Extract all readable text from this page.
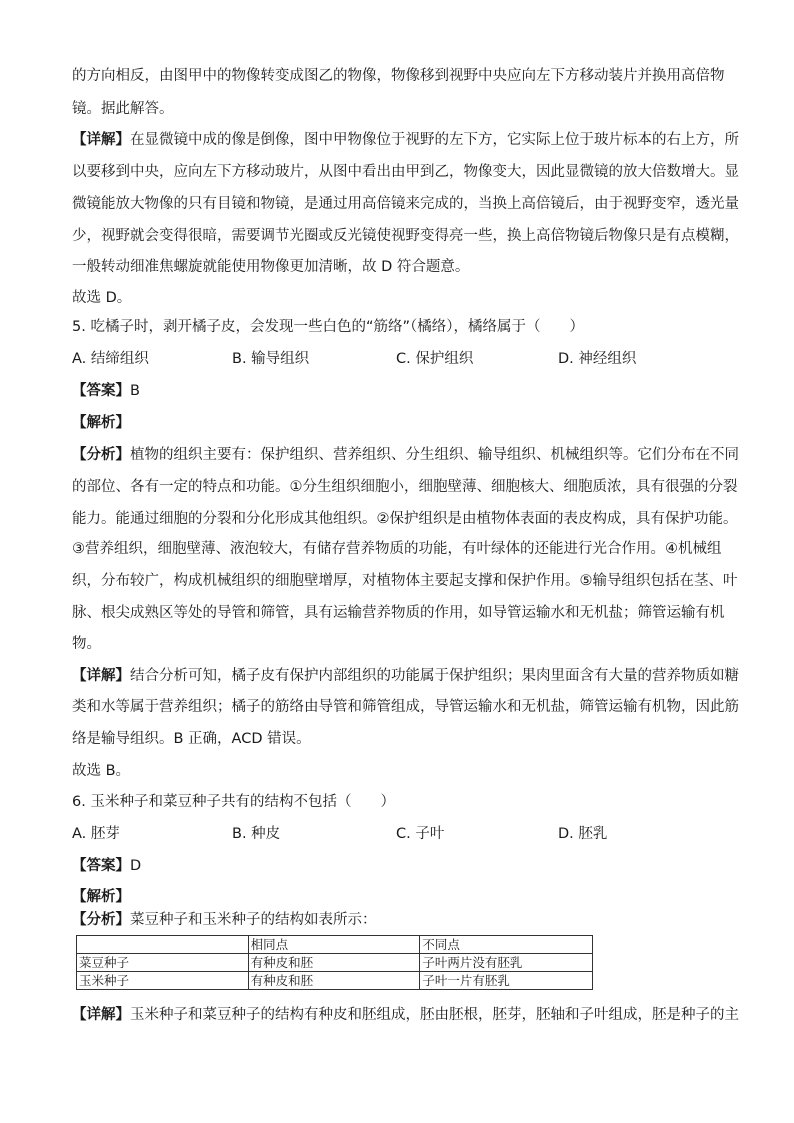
的方向相反，由图甲中的物像转变成图乙的物像，物像移到视野中央应向左下方移动装片并换用高倍物
镜。据此解答。
【详解】在显微镜中成的像是倒像，图中甲物像位于视野的左下方，它实际上位于玻片标本的右上方，所
以要移到中央，应向左下方移动玻片，从图中看出由甲到乙，物像变大，因此显微镜的放大倍数增大。显
微镜能放大物像的只有目镜和物镜，是通过用高倍镜来完成的，当换上高倍镜后，由于视野变窄，透光量
少，视野就会变得很暗，需要调节光圈或反光镜使视野变得亮一些，换上高倍物镜后物像只是有点模糊，
一般转动细准焦螺旋就能使用物像更加清晰，故 D 符合题意。
故选 D。
5. 吃橘子时，剥开橘子皮，会发现一些白色的“筋络”（橘络），橘络属于（　　）
A. 结缔组织	B. 输导组织	C. 保护组织	D. 神经组织
【答案】B
【解析】
【分析】植物的组织主要有：保护组织、营养组织、分生组织、输导组织、机械组织等。它们分布在不同
的部位、各有一定的特点和功能。①分生组织细胞小，细胞壁薄、细胞核大、细胞质浓，具有很强的分裂
能力。能通过细胞的分裂和分化形成其他组织。②保护组织是由植物体表面的表皮构成，具有保护功能。
③营养组织，细胞壁薄、液泡较大，有储存营养物质的功能，有叶绿体的还能进行光合作用。④机械组
织，分布较广，构成机械组织的细胞壁增厚，对植物体主要起支撑和保护作用。⑤输导组织包括在茎、叶
脉、根尖成熟区等处的导管和筛管，具有运输营养物质的作用，如导管运输水和无机盐；筛管运输有机
物。
【详解】结合分析可知，橘子皮有保护内部组织的功能属于保护组织；果肉里面含有大量的营养物质如糖
类和水等属于营养组织；橘子的筋络由导管和筛管组成，导管运输水和无机盐，筛管运输有机物，因此筋
络是输导组织。B 正确，ACD 错误。
故选 B。
6. 玉米种子和菜豆种子共有的结构不包括（　　）
A. 胚芽	B. 种皮	C. 子叶	D. 胚乳
【答案】D
【解析】
【分析】菜豆种子和玉米种子的结构如表所示：
	相同点	不同点
菜豆种子	有种皮和胚	子叶两片没有胚乳
玉米种子	有种皮和胚	子叶一片有胚乳
【详解】玉米种子和菜豆种子的结构有种皮和胚组成，胚由胚根，胚芽，胚轴和子叶组成，胚是种子的主
